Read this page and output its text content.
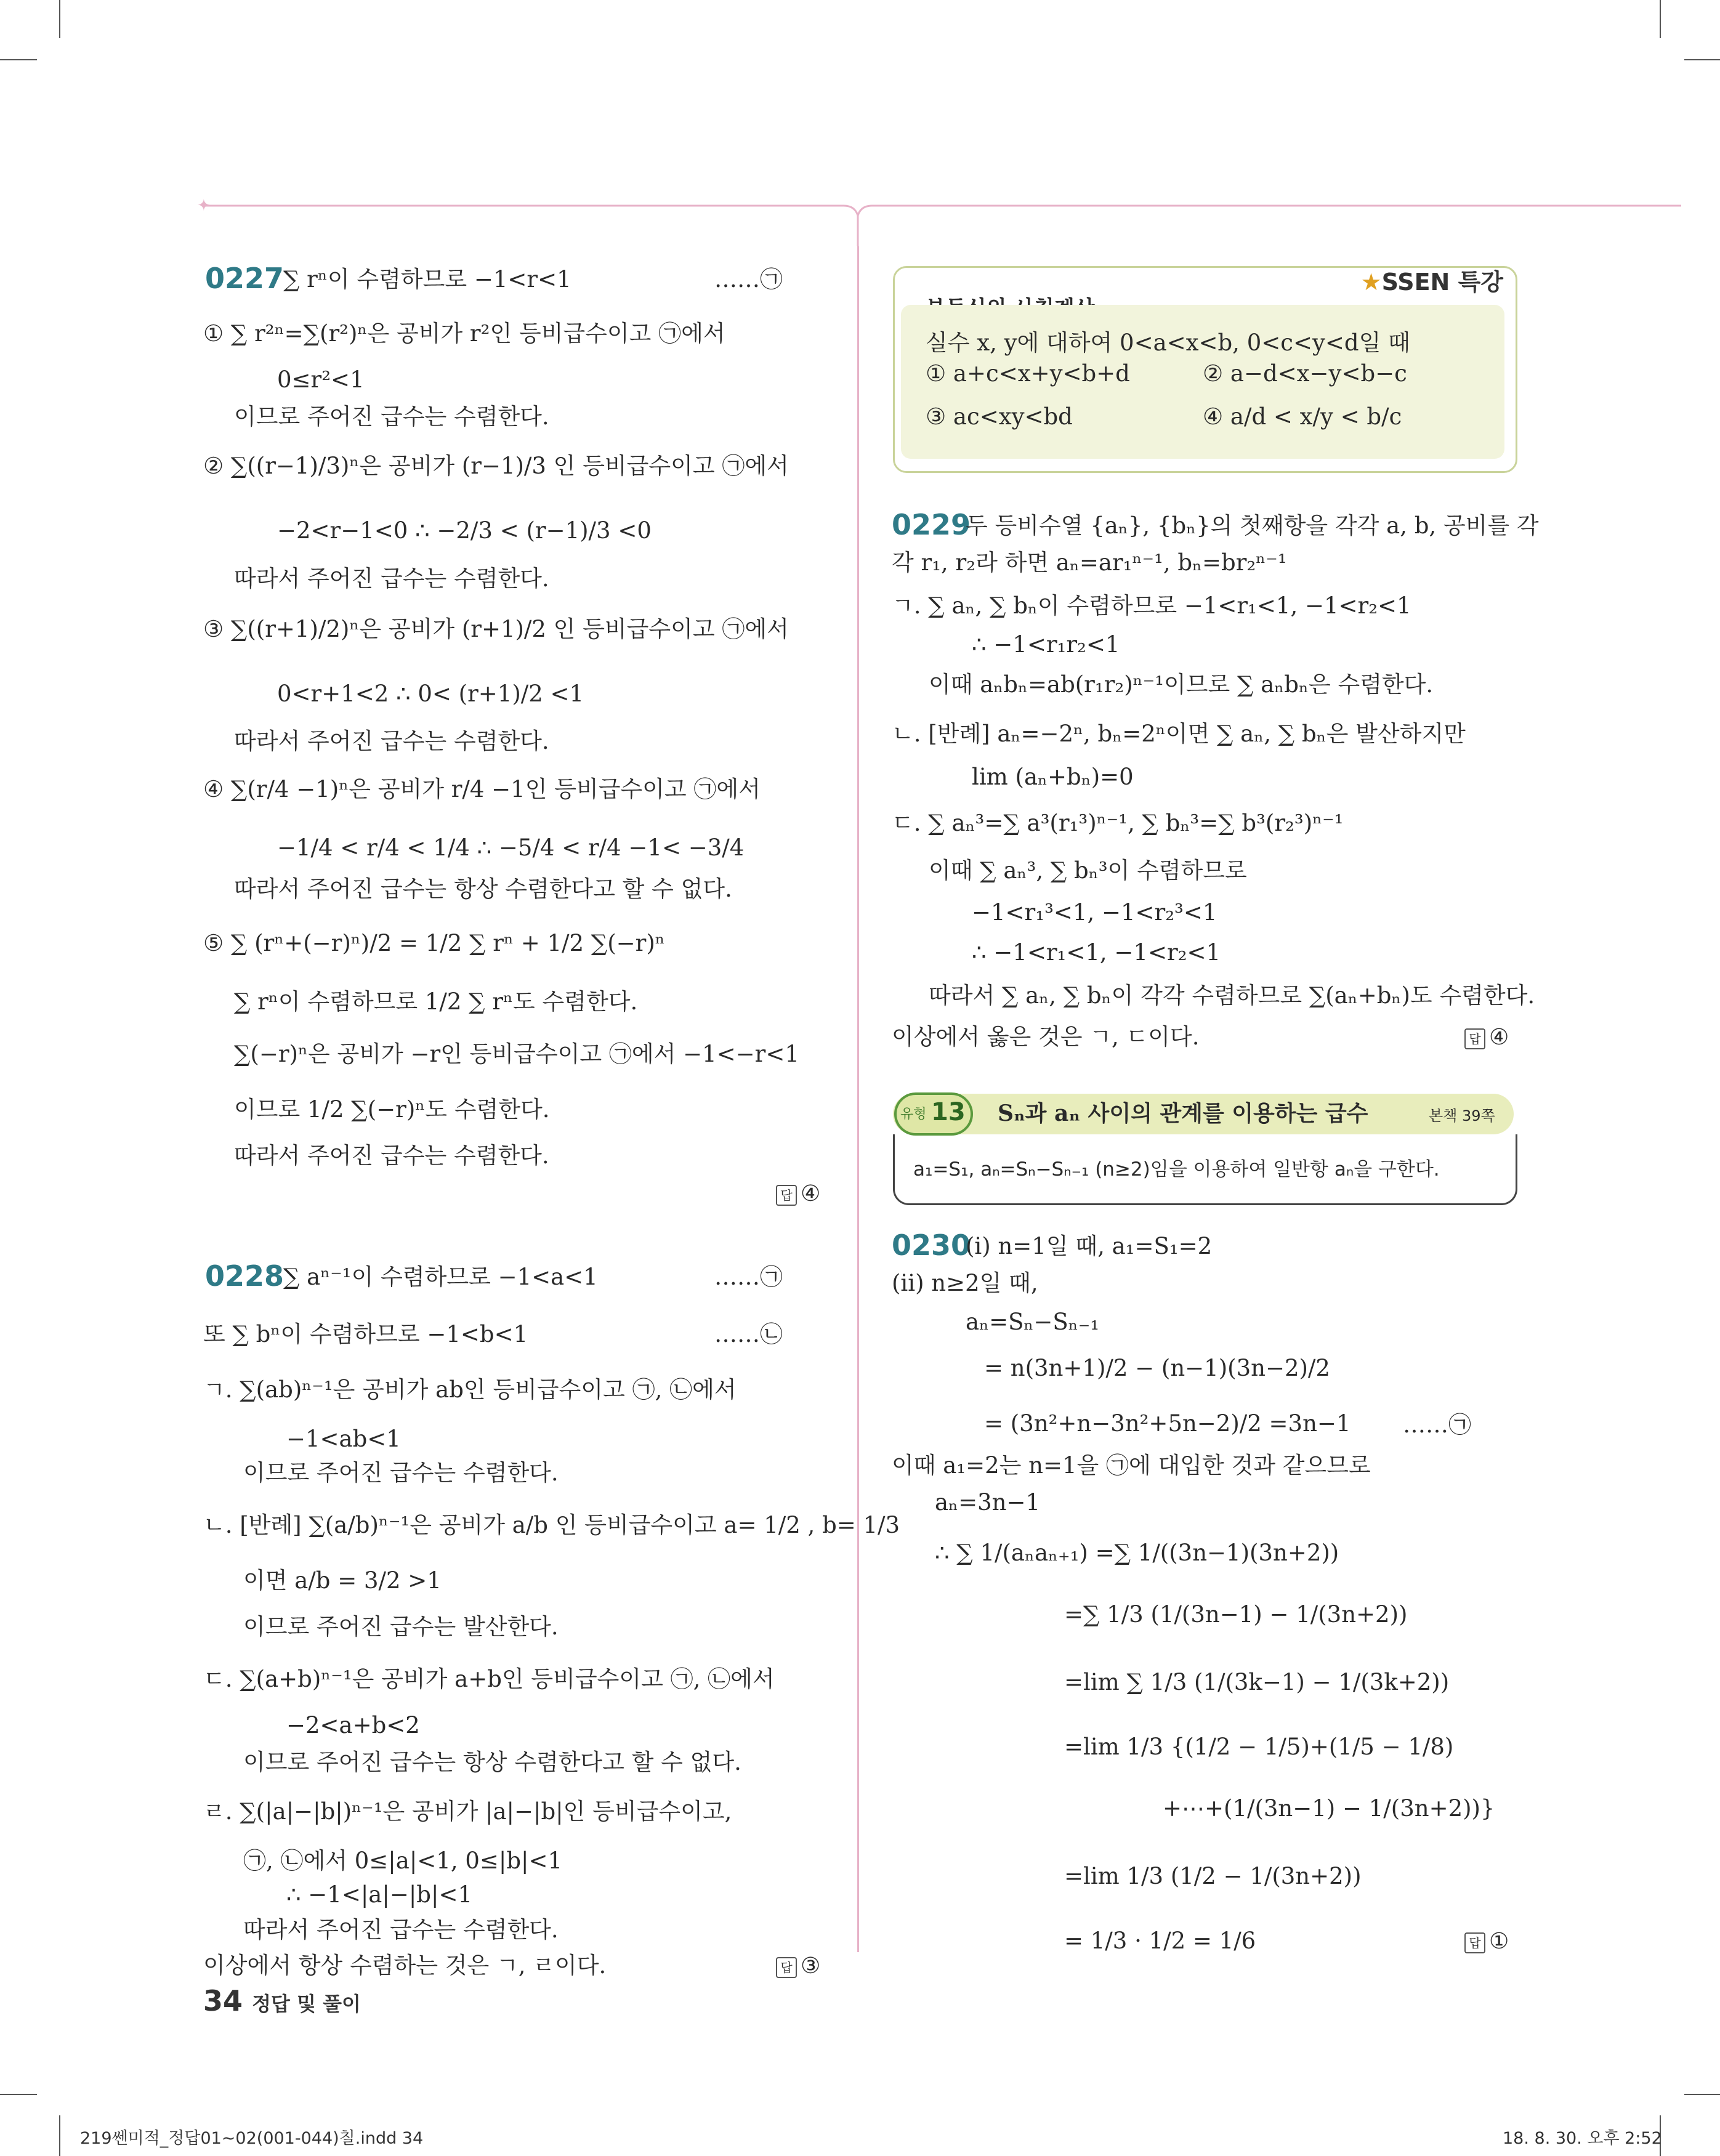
✦
0227
∑ rⁿ이 수렴하므로 −1<r<1	……㉠
① ∑ r²ⁿ=∑(r²)ⁿ은 공비가 r²인 등비급수이고 ㉠에서
0≤r²<1
이므로 주어진 급수는 수렴한다.
② ∑((r−1)/3)ⁿ은 공비가 (r−1)/3 인 등비급수이고 ㉠에서
−2<r−1<0 ∴ −2/3 < (r−1)/3 <0
따라서 주어진 급수는 수렴한다.
③ ∑((r+1)/2)ⁿ은 공비가 (r+1)/2 인 등비급수이고 ㉠에서
0<r+1<2 ∴ 0< (r+1)/2 <1
따라서 주어진 급수는 수렴한다.
④ ∑(r/4 −1)ⁿ은 공비가 r/4 −1인 등비급수이고 ㉠에서
−1/4 < r/4 < 1/4 ∴ −5/4 < r/4 −1< −3/4
따라서 주어진 급수는 항상 수렴한다고 할 수 없다.
⑤ ∑ (rⁿ+(−r)ⁿ)/2 = 1/2 ∑ rⁿ + 1/2 ∑(−r)ⁿ
∑ rⁿ이 수렴하므로 1/2 ∑ rⁿ도 수렴한다.
∑(−r)ⁿ은 공비가 −r인 등비급수이고 ㉠에서 −1<−r<1
이므로 1/2 ∑(−r)ⁿ도 수렴한다.
따라서 주어진 급수는 수렴한다.
답 ④
0228
∑ aⁿ⁻¹이 수렴하므로 −1<a<1	……㉠
또 ∑ bⁿ이 수렴하므로 −1<b<1	……㉡
ㄱ. ∑(ab)ⁿ⁻¹은 공비가 ab인 등비급수이고 ㉠, ㉡에서
−1<ab<1
이므로 주어진 급수는 수렴한다.
ㄴ. [반례] ∑(a/b)ⁿ⁻¹은 공비가 a/b 인 등비급수이고 a= 1/2 , b= 1/3
이면 a/b = 3/2 >1
이므로 주어진 급수는 발산한다.
ㄷ. ∑(a+b)ⁿ⁻¹은 공비가 a+b인 등비급수이고 ㉠, ㉡에서
−2<a+b<2
이므로 주어진 급수는 항상 수렴한다고 할 수 없다.
ㄹ. ∑(|a|−|b|)ⁿ⁻¹은 공비가 |a|−|b|인 등비급수이고,
㉠, ㉡에서 0≤|a|<1, 0≤|b|<1
∴ −1<|a|−|b|<1
따라서 주어진 급수는 수렴한다.
이상에서 항상 수렴하는 것은 ㄱ, ㄹ이다.	답 ③
★SSEN 특강
실수 x, y에 대하여 0<a<x<b, 0<c<y<d일 때
① a+c<x+y<b+d	② a−d<x−y<b−c
③ ac<xy<bd	④ a/d < x/y < b/c
0229
두 등비수열 {aₙ}, {bₙ}의 첫째항을 각각 a, b, 공비를 각
각 r₁, r₂라 하면 aₙ=ar₁ⁿ⁻¹, bₙ=br₂ⁿ⁻¹
ㄱ. ∑ aₙ, ∑ bₙ이 수렴하므로 −1<r₁<1, −1<r₂<1
∴ −1<r₁r₂<1
이때 aₙbₙ=ab(r₁r₂)ⁿ⁻¹이므로 ∑ aₙbₙ은 수렴한다.
ㄴ. [반례] aₙ=−2ⁿ, bₙ=2ⁿ이면 ∑ aₙ, ∑ bₙ은 발산하지만
lim (aₙ+bₙ)=0
ㄷ. ∑ aₙ³=∑ a³(r₁³)ⁿ⁻¹, ∑ bₙ³=∑ b³(r₂³)ⁿ⁻¹
이때 ∑ aₙ³, ∑ bₙ³이 수렴하므로
−1<r₁³<1, −1<r₂³<1
∴ −1<r₁<1, −1<r₂<1
따라서 ∑ aₙ, ∑ bₙ이 각각 수렴하므로 ∑(aₙ+bₙ)도 수렴한다.
이상에서 옳은 것은 ㄱ, ㄷ이다.	답 ④
유형 13 Sₙ과 aₙ 사이의 관계를 이용하는 급수	본책 39쪽
a₁=S₁, aₙ=Sₙ−Sₙ₋₁ (n≥2)임을 이용하여 일반항 aₙ을 구한다.
0230
(i) n=1일 때, a₁=S₁=2
(ii) n≥2일 때,
aₙ=Sₙ−Sₙ₋₁
= n(3n+1)/2 − (n−1)(3n−2)/2
= (3n²+n−3n²+5n−2)/2 =3n−1 ……㉠
이때 a₁=2는 n=1을 ㉠에 대입한 것과 같으므로
aₙ=3n−1
∴ ∑ 1/(aₙaₙ₊₁) =∑ 1/((3n−1)(3n+2))
=∑ 1/3 (1/(3n−1) − 1/(3n+2))
=lim ∑ 1/3 (1/(3k−1) − 1/(3k+2))
=lim 1/3 {(1/2 − 1/5)+(1/5 − 1/8)
+⋯+(1/(3n−1) − 1/(3n+2))}
=lim 1/3 (1/2 − 1/(3n+2))
= 1/3 · 1/2 = 1/6	답 ①
34 정답 및 풀이
219쎈미적_정답01~02(001-044)칠.indd 34	18. 8. 30. 오후 2:52
